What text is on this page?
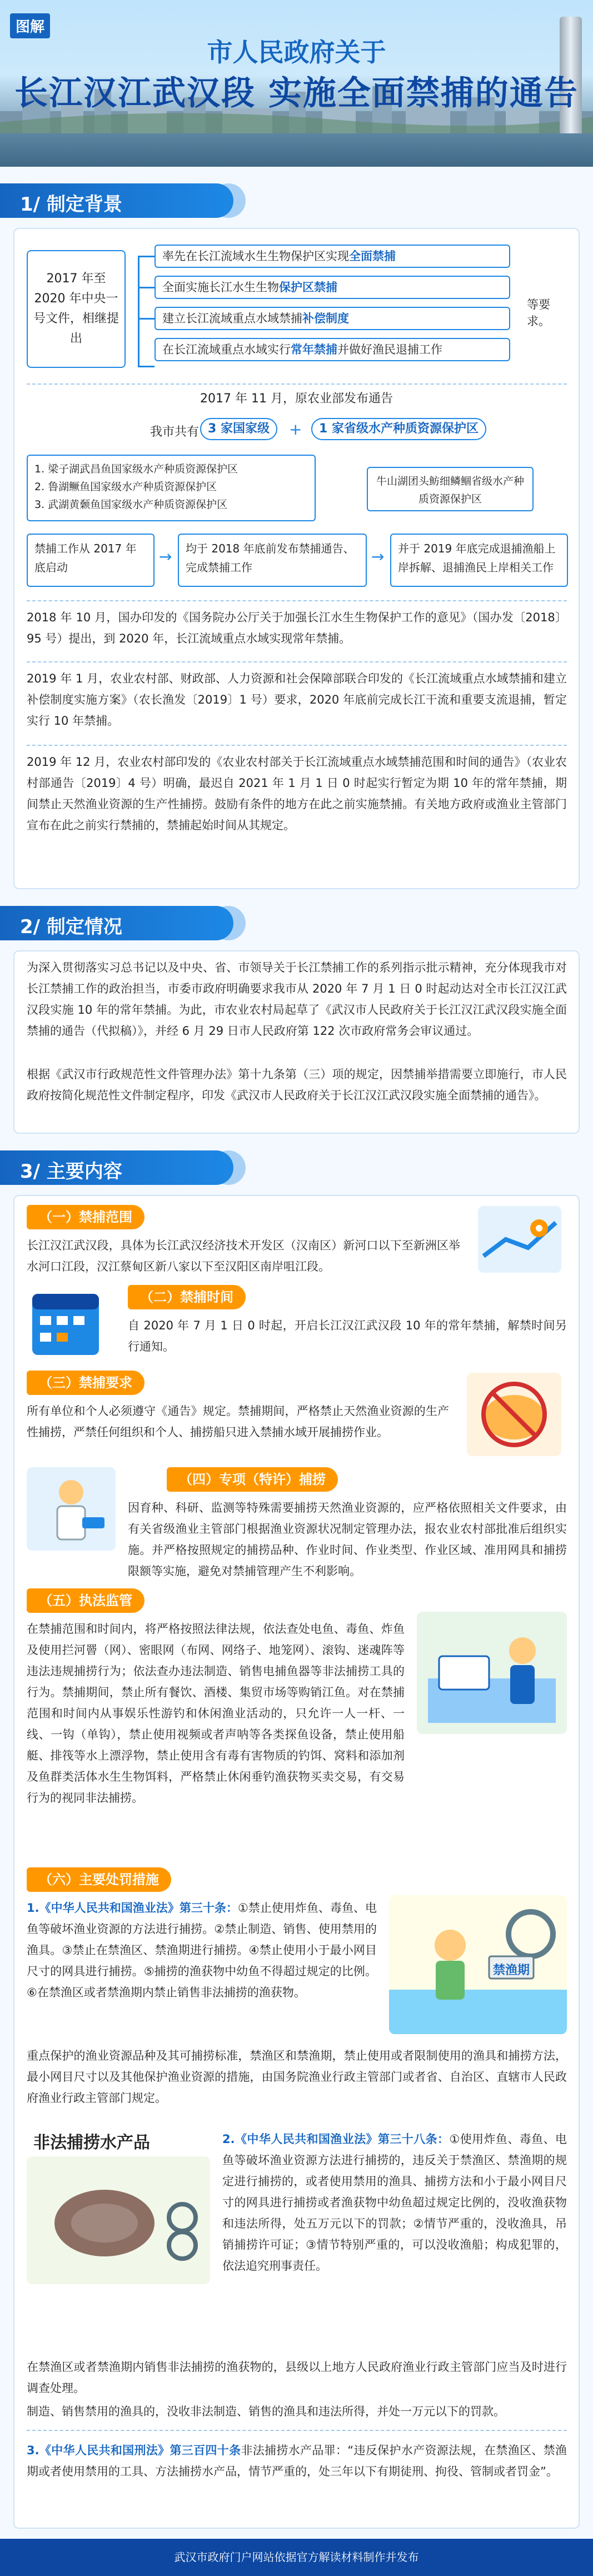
图解
市人民政府关于
长江汉江武汉段 实施全面禁捕的通告
1/ 制定背景
2017 年至 2020 年中央一号文件，相继提出
率先在长江流域水生生物保护区实现全面禁捕
全面实施长江水生生物保护区禁捕
建立长江流域重点水域禁捕补偿制度
在长江流域重点水域实行常年禁捕并做好渔民退捕工作
等要求。
2017 年 11 月，原农业部发布通告
我市共有 3 家国家级	+	1 家省级水产种质资源保护区
1. 梁子湖武昌鱼国家级水产种质资源保护区
2. 鲁湖鳜鱼国家级水产种质资源保护区
3. 武湖黄颡鱼国家级水产种质资源保护区
牛山湖团头鲂细鳞鲴省级水产种质资源保护区
禁捕工作从 2017 年底启动
→	均于 2018 年底前发布禁捕通告、完成禁捕工作
→	并于 2019 年底完成退捕渔船上岸拆解、退捕渔民上岸相关工作
2018 年 10 月，国办印发的《国务院办公厅关于加强长江水生生物保护工作的意见》（国办发〔2018〕95 号）提出，到 2020 年，长江流域重点水域实现常年禁捕。
2019 年 1 月，农业农村部、财政部、人力资源和社会保障部联合印发的《长江流域重点水域禁捕和建立补偿制度实施方案》（农长渔发〔2019〕1 号）要求，2020 年底前完成长江干流和重要支流退捕，暂定实行 10 年禁捕。
2019 年 12 月，农业农村部印发的《农业农村部关于长江流域重点水域禁捕范围和时间的通告》（农业农村部通告〔2019〕4 号）明确，最迟自 2021 年 1 月 1 日 0 时起实行暂定为期 10 年的常年禁捕，期间禁止天然渔业资源的生产性捕捞。鼓励有条件的地方在此之前实施禁捕。有关地方政府或渔业主管部门宣布在此之前实行禁捕的，禁捕起始时间从其规定。
2/ 制定情况
为深入贯彻落实习总书记以及中央、省、市领导关于长江禁捕工作的系列指示批示精神，充分体现我市对长江禁捕工作的政治担当，市委市政府明确要求我市从 2020 年 7 月 1 日 0 时起动达对全市长江汉江武汉段实施 10 年的常年禁捕。为此，市农业农村局起草了《武汉市人民政府关于长江汉江武汉段实施全面禁捕的通告（代拟稿）》，并经 6 月 29 日市人民政府第 122 次市政府常务会审议通过。
根据《武汉市行政规范性文件管理办法》第十九条第（三）项的规定，因禁捕举措需要立即施行，市人民政府按简化规范性文件制定程序，印发《武汉市人民政府关于长江汉江武汉段实施全面禁捕的通告》。
3/ 主要内容
（一）禁捕范围
长江汉江武汉段，具体为长江武汉经济技术开发区（汉南区）新河口以下至新洲区举水河口江段，汉江蔡甸区新八家以下至汉阳区南岸咀江段。
（二）禁捕时间
自 2020 年 7 月 1 日 0 时起，开启长江汉江武汉段 10 年的常年禁捕，解禁时间另行通知。
（三）禁捕要求
所有单位和个人必须遵守《通告》规定。禁捕期间，严格禁止天然渔业资源的生产性捕捞，严禁任何组织和个人、捕捞船只进入禁捕水域开展捕捞作业。
（四）专项（特许）捕捞
因育种、科研、监测等特殊需要捕捞天然渔业资源的，应严格依照相关文件要求，由有关省级渔业主管部门根据渔业资源状况制定管理办法，报农业农村部批准后组织实施。并严格按照规定的捕捞品种、作业时间、作业类型、作业区域、准用网具和捕捞限额等实施，避免对禁捕管理产生不利影响。
（五）执法监管
在禁捕范围和时间内，将严格按照法律法规，依法查处电鱼、毒鱼、炸鱼及使用拦河罾（网）、密眼网（布网、网络子、地笼网）、滚钩、迷魂阵等违法违规捕捞行为；依法查办违法制造、销售电捕鱼器等非法捕捞工具的行为。禁捕期间，禁止所有餐饮、酒楼、集贸市场等购销江鱼。对在禁捕范围和时间内从事娱乐性游钓和休闲渔业活动的，只允许一人一杆、一线、一钩（单钩），禁止使用视频或者声呐等各类探鱼设备，禁止使用船艇、排筏等水上漂浮物，禁止使用含有毒有害物质的钓饵、窝料和添加剂及鱼群类活体水生生物饵料，严格禁止休闲垂钓渔获物买卖交易，有交易行为的视同非法捕捞。
（六）主要处罚措施
1.《中华人民共和国渔业法》第三十条：①禁止使用炸鱼、毒鱼、电鱼等破坏渔业资源的方法进行捕捞。②禁止制造、销售、使用禁用的渔具。③禁止在禁渔区、禁渔期进行捕捞。④禁止使用小于最小网目尺寸的网具进行捕捞。⑤捕捞的渔获物中幼鱼不得超过规定的比例。⑥在禁渔区或者禁渔期内禁止销售非法捕捞的渔获物。
禁渔期
重点保护的渔业资源品种及其可捕捞标准，禁渔区和禁渔期，禁止使用或者限制使用的渔具和捕捞方法，最小网目尺寸以及其他保护渔业资源的措施，由国务院渔业行政主管部门或者省、自治区、直辖市人民政府渔业行政主管部门规定。
非法捕捞水产品	2.《中华人民共和国渔业法》第三十八条：①使用炸鱼、毒鱼、电鱼等破坏渔业资源方法进行捕捞的，违反关于禁渔区、禁渔期的规定进行捕捞的，或者使用禁用的渔具、捕捞方法和小于最小网目尺寸的网具进行捕捞或者渔获物中幼鱼超过规定比例的，没收渔获物和违法所得，处五万元以下的罚款；②情节严重的，没收渔具，吊销捕捞许可证；③情节特别严重的，可以没收渔船；构成犯罪的，依法追究刑事责任。
在禁渔区或者禁渔期内销售非法捕捞的渔获物的，县级以上地方人民政府渔业行政主管部门应当及时进行调查处理。
制造、销售禁用的渔具的，没收非法制造、销售的渔具和违法所得，并处一万元以下的罚款。
3.《中华人民共和国刑法》第三百四十条非法捕捞水产品罪：“违反保护水产资源法规，在禁渔区、禁渔期或者使用禁用的工具、方法捕捞水产品，情节严重的，处三年以下有期徒刑、拘役、管制或者罚金”。
武汉市政府门户网站依据官方解读材料制作并发布
